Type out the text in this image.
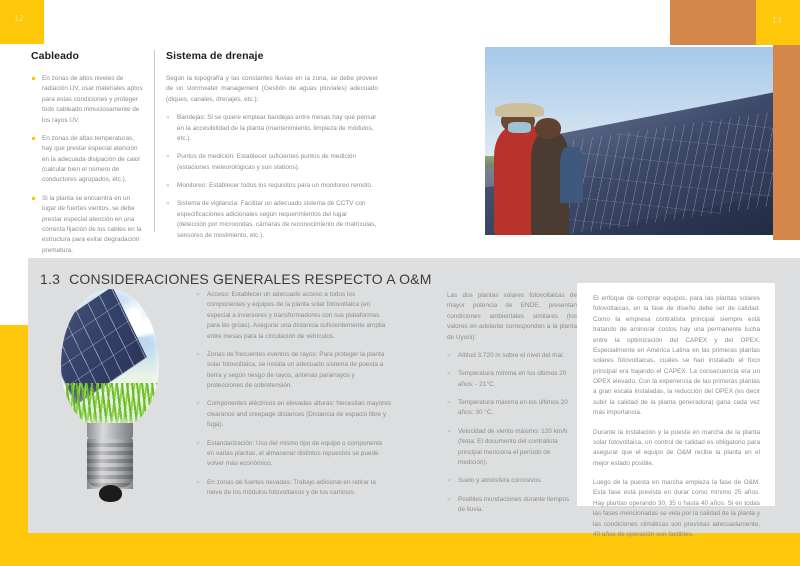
12	13
Cableado
En zonas de altos niveles de radiación UV, usar materiales aptos para estas condiciones y proteger todo cableado minuciosamente de los rayos UV.
En zonas de altas temperaturas, hay que prestar especial atención en la adecuada disipación de calor (calcular bien el número de conductores agrupados, etc.).
Si la planta se encuentra en un lugar de fuertes vientos, se debe prestar especial atención en una correcta fijación de los cables en la estructura para evitar degradación prematura.
Sistema de drenaje

Según la topografía y las constantes lluvias en la zona, se debe proveer de un stormwater management (Gestión de aguas pluviales) adecuado (diques, canales, drenajes, etc.):

» Bandejas: Si se quiere emplear bandejas entre mesas hay que pensar en la accesibilidad de la planta (mantenimiento, limpieza de módulos, etc.).
» Puntos de medición: Establecer suficientes puntos de medición (estaciones meteorológicas y sun stations).
» Monitoreo: Establecer todos los requisitos para un monitoreo remoto.
» Sistema de vigilancia: Facilitar un adecuado sistema de CCTV con especificaciones adicionales según requerimientos del lugar (detección por microondas, cámaras de reconocimiento de matrículas, sensores de movimiento, etc.).
1.3 CONSIDERACIONES GENERALES RESPECTO A O&M
» Acceso: Establecer un adecuado acceso a todos los componentes y equipos de la planta solar fotovoltaica (en especial a inversores y transformadores con sus plataformas para las grúas). Asegurar una distancia suficientemente amplia entre mesas para la circulación de vehículos.
» Zonas de frecuentes eventos de rayos: Para proteger la planta solar fotovoltaica, se instala un adecuado sistema de puesta a tierra y según riesgo de rayos, antenas pararrayos y protecciones de sobretensión.
» Componentes eléctricos en elevadas alturas: Necesitan mayores clearance and creepage distances (Distancia de espacio libre y fuga).
» Estandarización: Uso del mismo tipo de equipo o componente en varias plantas, el almacenar distintos repuestos se puede volver más económico.
» En zonas de fuertes nevadas: Trabajo adicional en retirar la nieve de los módulos fotovoltaicos y de los caminos.

Las dos plantas solares fotovoltaicas de mayor potencia de ENDE, presentan condiciones ambientales similares (los valores en adelante corresponden a la planta de Uyuni):

» Altitud 3.720 m sobre el nivel del mar.
» Temperatura mínima en los últimos 20 años: - 21°C.
» Temperatura máxima en los últimos 20 años: 30 °C.
» Velocidad de viento máximo: 120 km/h (Nota: El documento del contratista principal menciona el período de medición).
» Suelo y atmósfera corrosivos.
» Posibles inundaciones durante tiempos de lluvia.

El enfoque de comprar equipos, para las plantas solares fotovoltaicas, en la fase de diseño debe ser de calidad. Como la empresa contratista principal siempre está tratando de aminorar costos hay una permanente lucha entre la optimización del CAPEX y del OPEX. Especialmente en América Latina en las primeras plantas solares fotovoltaicas, cuales se han instalado el foco principal era bajando el CAPEX. La consecuencia era un OPEX elevado. Con la experiencia de las primeras plantas a gran escala instaladas, la reducción del OPEX (es decir subir la calidad de la planta generadora) gana cada vez más importancia.

Durante la instalación y la puesta en marcha de la planta solar fotovoltaica, un control de calidad es obligatorio para asegurar que el equipo de O&M recibe la planta en el mejor estado posible.

Luego de la puesta en marcha empieza la fase de O&M. Esta fase está prevista en durar como mínimo 25 años. Hay plantas operando 30, 35 o hasta 40 años. Si en todas las fases mencionadas se vela por la calidad de la planta y las condiciones climáticas son previstas adecuadamente, 40 años de operación son factibles.
